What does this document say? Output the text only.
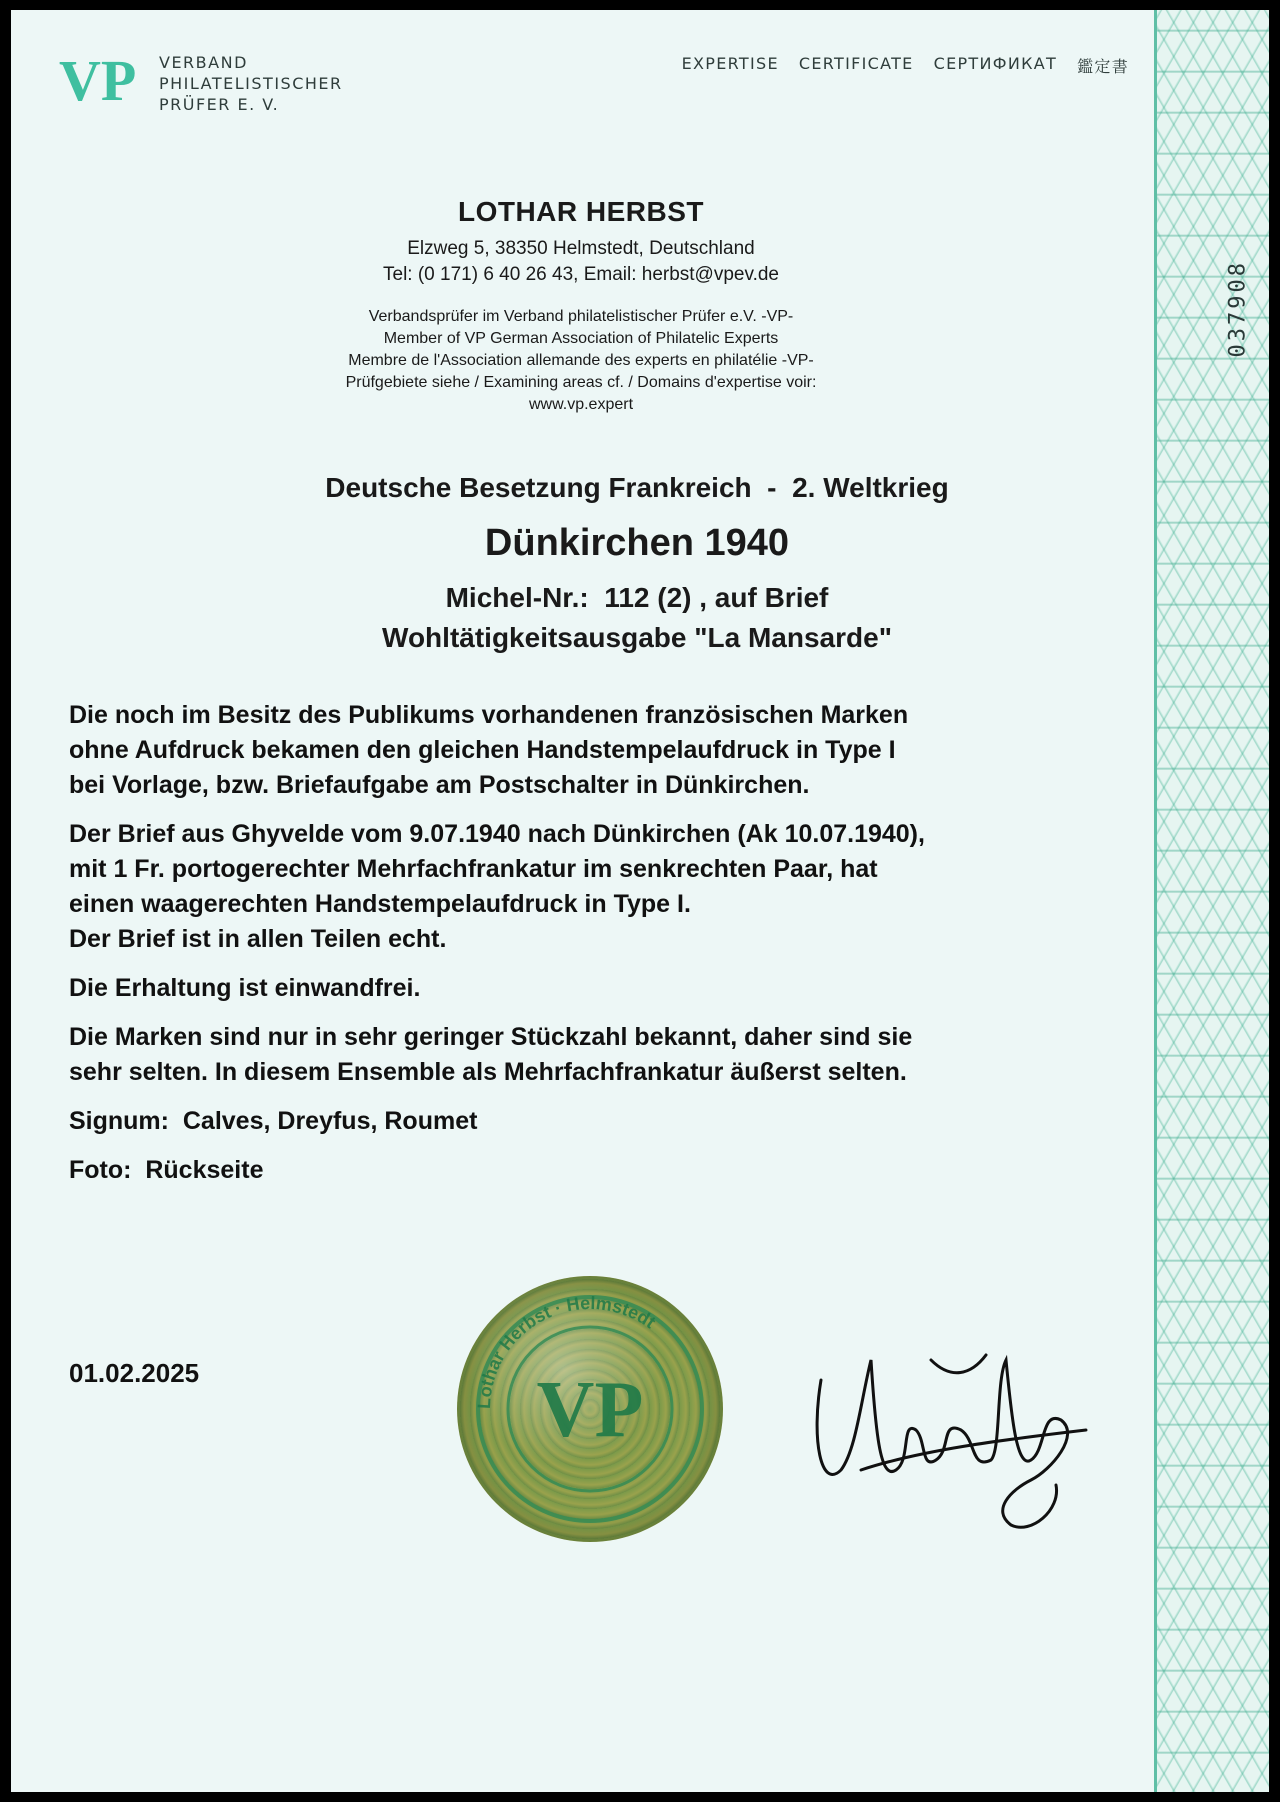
037908
VP VERBAND
PHILATELISTISCHER
PRÜFER E. V.
EXPERTISE CERTIFICATE СЕРТИФИКАТ 鑑定書
LOTHAR HERBST
Elzweg 5, 38350 Helmstedt, Deutschland
Tel: (0 171) 6 40 26 43, Email: herbst@vpev.de
Verbandsprüfer im Verband philatelistischer Prüfer e.V. -VP-
Member of VP German Association of Philatelic Experts
Membre de l'Association allemande des experts en philatélie -VP-
Prüfgebiete siehe / Examining areas cf. / Domains d'expertise voir:
www.vp.expert
Deutsche Besetzung Frankreich  -  2. Weltkrieg
Dünkirchen 1940
Michel-Nr.:  112 (2) , auf Brief
Wohltätigkeitsausgabe "La Mansarde"
Die noch im Besitz des Publikums vorhandenen französischen Marken
ohne Aufdruck bekamen den gleichen Handstempelaufdruck in Type I
bei Vorlage, bzw. Briefaufgabe am Postschalter in Dünkirchen.
Der Brief aus Ghyvelde vom 9.07.1940 nach Dünkirchen (Ak 10.07.1940),
mit 1 Fr. portogerechter Mehrfachfrankatur im senkrechten Paar, hat
einen waagerechten Handstempelaufdruck in Type I.
Der Brief ist in allen Teilen echt.
Die Erhaltung ist einwandfrei.
Die Marken sind nur in sehr geringer Stückzahl bekannt, daher sind sie
sehr selten. In diesem Ensemble als Mehrfachfrankatur äußerst selten.
Signum:  Calves, Dreyfus, Roumet
Foto:  Rückseite
01.02.2025
Lothar Herbst · Helmstedt
VP
